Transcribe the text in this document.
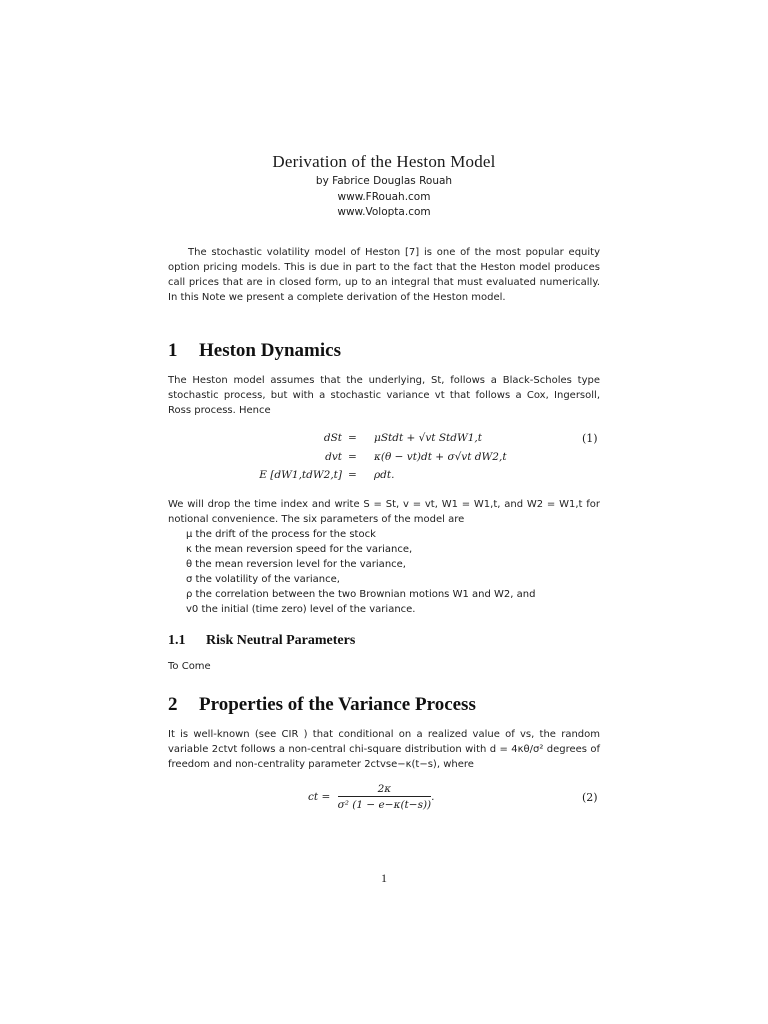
Derivation of the Heston Model
by Fabrice Douglas Rouah
www.FRouah.com
www.Volopta.com
The stochastic volatility model of Heston [7] is one of the most popular equity option pricing models. This is due in part to the fact that the Heston model produces call prices that are in closed form, up to an integral that must evaluated numerically. In this Note we present a complete derivation of the Heston model.
1 Heston Dynamics
The Heston model assumes that the underlying, St, follows a Black-Scholes type stochastic process, but with a stochastic variance vt that follows a Cox, Ingersoll, Ross process. Hence
dSt = μStdt + √vt StdW1,t	(1)
dvt = κ(θ − vt)dt + σ√vt dW2,t
E [dW1,tdW2,t] = ρdt.
We will drop the time index and write S = St, v = vt, W1 = W1,t, and W2 = W1,t for notional convenience. The six parameters of the model are
μ the drift of the process for the stock
κ the mean reversion speed for the variance,
θ the mean reversion level for the variance,
σ the volatility of the variance,
ρ the correlation between the two Brownian motions W1 and W2, and
v0 the initial (time zero) level of the variance.
1.1 Risk Neutral Parameters
To Come
2 Properties of the Variance Process
It is well-known (see CIR ) that conditional on a realized value of vs, the random variable 2ctvt follows a non-central chi-square distribution with d = 4κθ/σ² degrees of freedom and non-centrality parameter 2ctvse−κ(t−s), where
ct = $\frac{2\kappa}{\text{σ² (1 − e−κ(t−s))}}$ .	(2)
1
